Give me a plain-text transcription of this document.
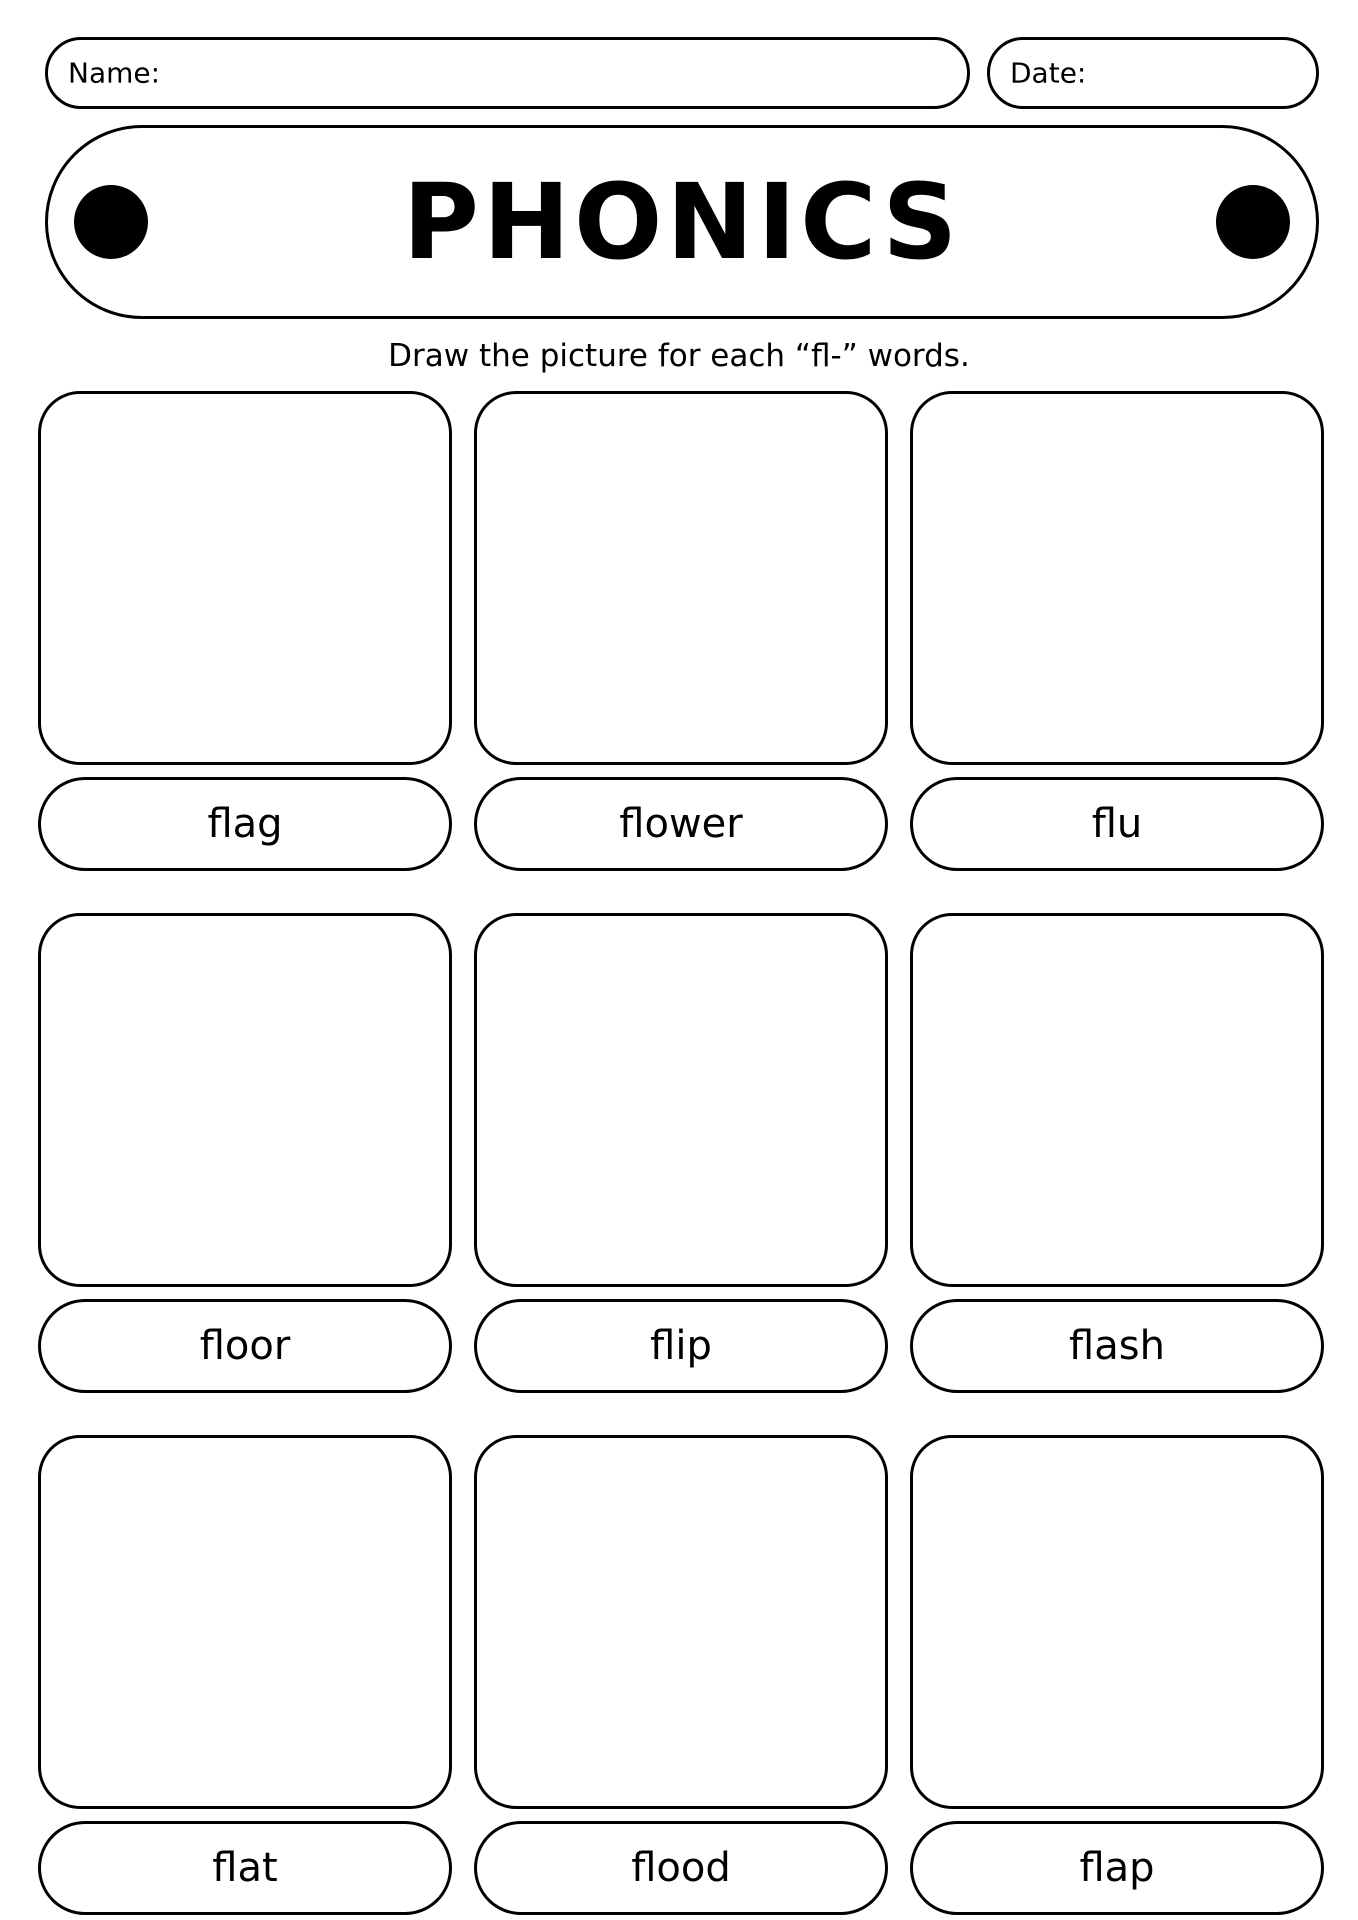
Name:	Date:
PHONICS
Draw the picture for each “fl-” words.
flag	flower	flu
floor	flip	flash
flat	flood	flap
